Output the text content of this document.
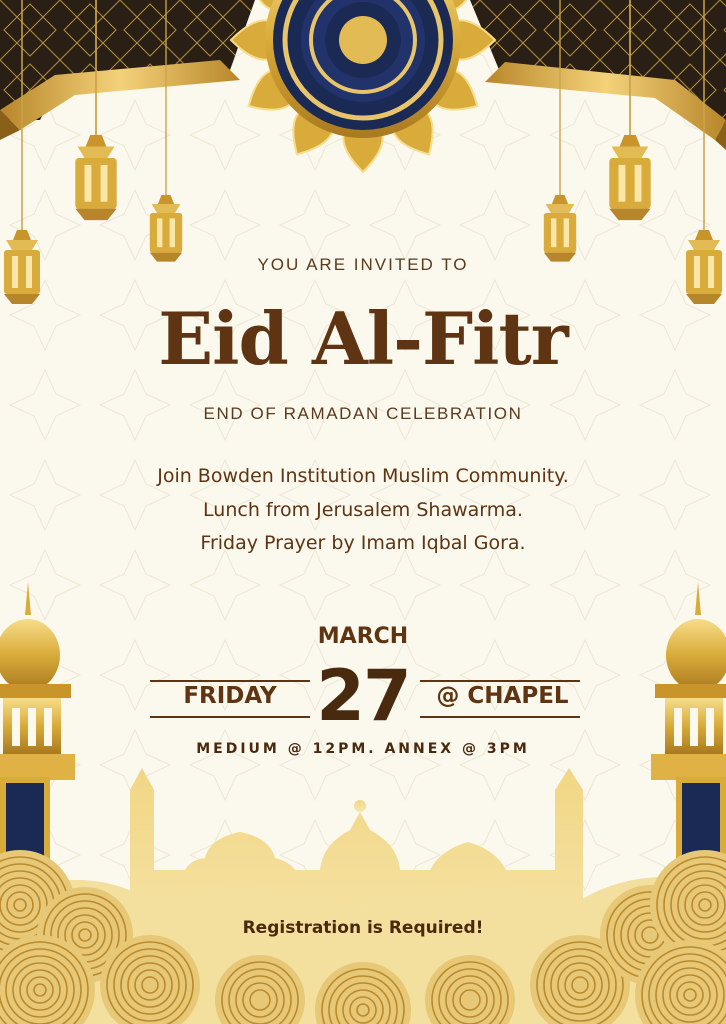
YOU ARE INVITED TO

Eid Al-Fitr

END OF RAMADAN CELEBRATION

Join Bowden Institution Muslim Community.

Lunch from Jerusalem Shawarma.

Friday Prayer by Imam Iqbal Gora.

MARCH

FRIDAY 27	@ CHAPEL

MEDIUM @ 12PM. ANNEX @ 3PM

Registration is Required!
